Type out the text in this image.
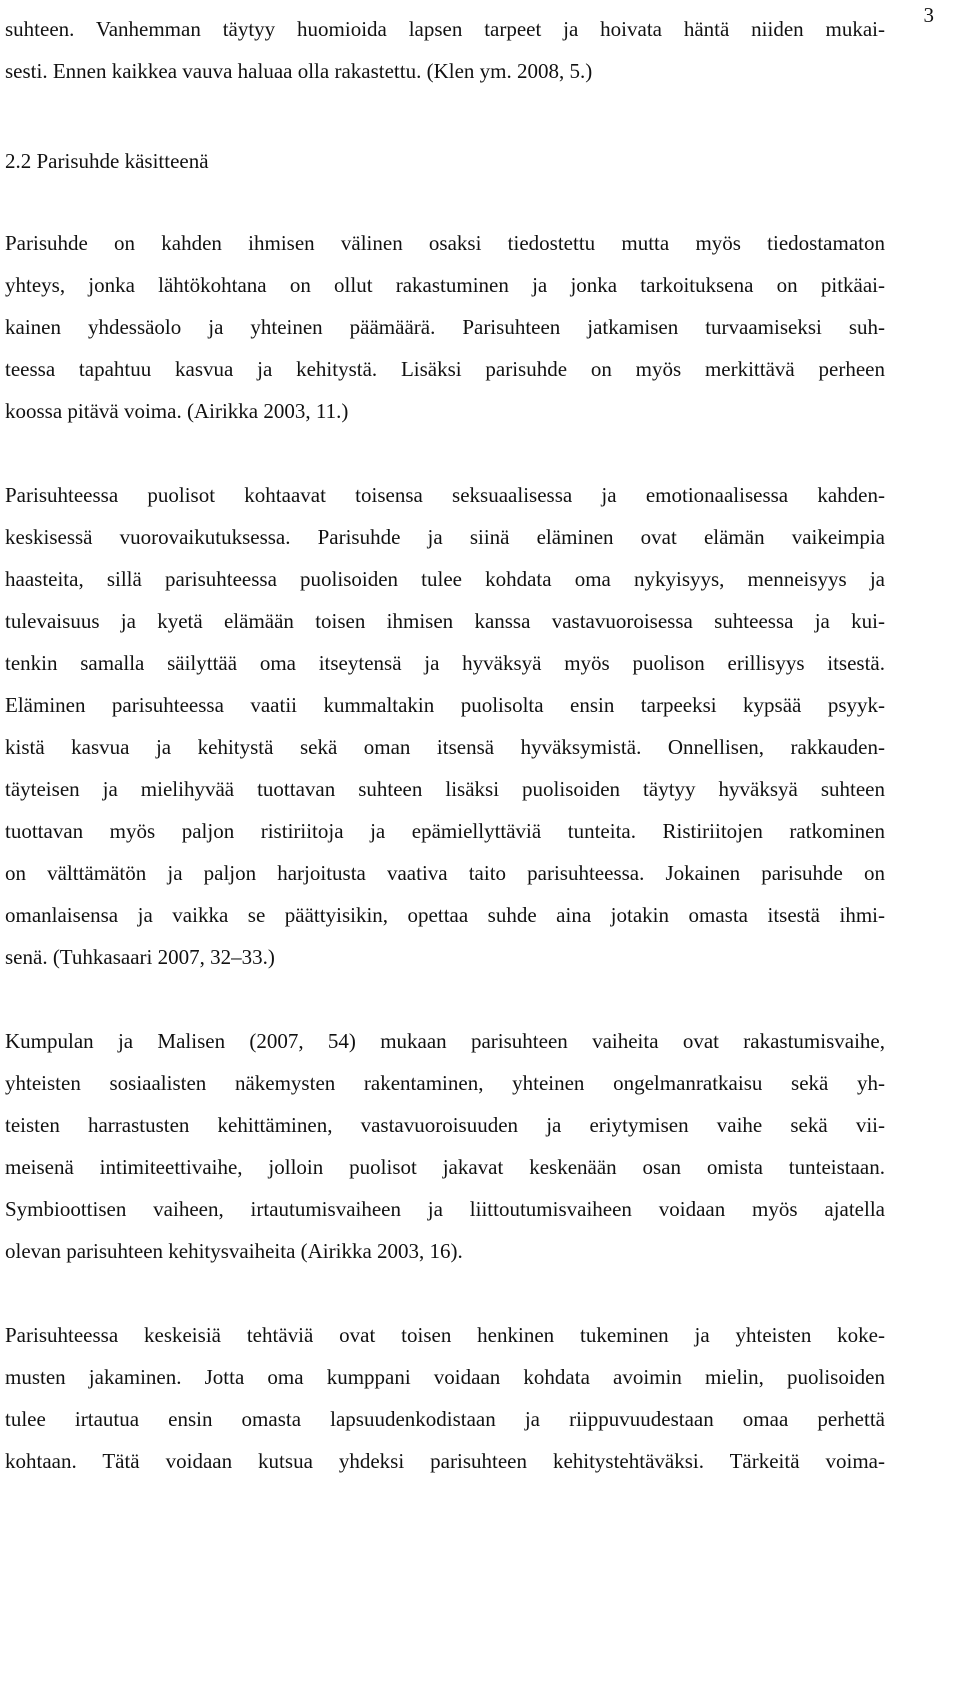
3
suhteen. Vanhemman täytyy huomioida lapsen tarpeet ja hoivata häntä niiden mukai-
sesti. Ennen kaikkea vauva haluaa olla rakastettu. (Klen ym. 2008, 5.)
2.2 Parisuhde käsitteenä
Parisuhde on kahden ihmisen välinen osaksi tiedostettu mutta myös tiedostamaton
yhteys, jonka lähtökohtana on ollut rakastuminen ja jonka tarkoituksena on pitkäai-
kainen yhdessäolo ja yhteinen päämäärä. Parisuhteen jatkamisen turvaamiseksi suh-
teessa tapahtuu kasvua ja kehitystä. Lisäksi parisuhde on myös merkittävä perheen
koossa pitävä voima. (Airikka 2003, 11.)
Parisuhteessa puolisot kohtaavat toisensa seksuaalisessa ja emotionaalisessa kahden-
keskisessä vuorovaikutuksessa. Parisuhde ja siinä eläminen ovat elämän vaikeimpia
haasteita, sillä parisuhteessa puolisoiden tulee kohdata oma nykyisyys, menneisyys ja
tulevaisuus ja kyetä elämään toisen ihmisen kanssa vastavuoroisessa suhteessa ja kui-
tenkin samalla säilyttää oma itseytensä ja hyväksyä myös puolison erillisyys itsestä.
Eläminen parisuhteessa vaatii kummaltakin puolisolta ensin tarpeeksi kypsää psyyk-
kistä kasvua ja kehitystä sekä oman itsensä hyväksymistä. Onnellisen, rakkauden-
täyteisen ja mielihyvää tuottavan suhteen lisäksi puolisoiden täytyy hyväksyä suhteen
tuottavan myös paljon ristiriitoja ja epämiellyttäviä tunteita. Ristiriitojen ratkominen
on välttämätön ja paljon harjoitusta vaativa taito parisuhteessa. Jokainen parisuhde on
omanlaisensa ja vaikka se päättyisikin, opettaa suhde aina jotakin omasta itsestä ihmi-
senä. (Tuhkasaari 2007, 32–33.)
Kumpulan ja Malisen (2007, 54) mukaan parisuhteen vaiheita ovat rakastumisvaihe,
yhteisten sosiaalisten näkemysten rakentaminen, yhteinen ongelmanratkaisu sekä yh-
teisten harrastusten kehittäminen, vastavuoroisuuden ja eriytymisen vaihe sekä vii-
meisenä intimiteettivaihe, jolloin puolisot jakavat keskenään osan omista tunteistaan.
Symbioottisen vaiheen, irtautumisvaiheen ja liittoutumisvaiheen voidaan myös ajatella
olevan parisuhteen kehitysvaiheita (Airikka 2003, 16).
Parisuhteessa keskeisiä tehtäviä ovat toisen henkinen tukeminen ja yhteisten koke-
musten jakaminen. Jotta oma kumppani voidaan kohdata avoimin mielin, puolisoiden
tulee irtautua ensin omasta lapsuudenkodistaan ja riippuvuudestaan omaa perhettä
kohtaan. Tätä voidaan kutsua yhdeksi parisuhteen kehitystehtäväksi. Tärkeitä voima-
